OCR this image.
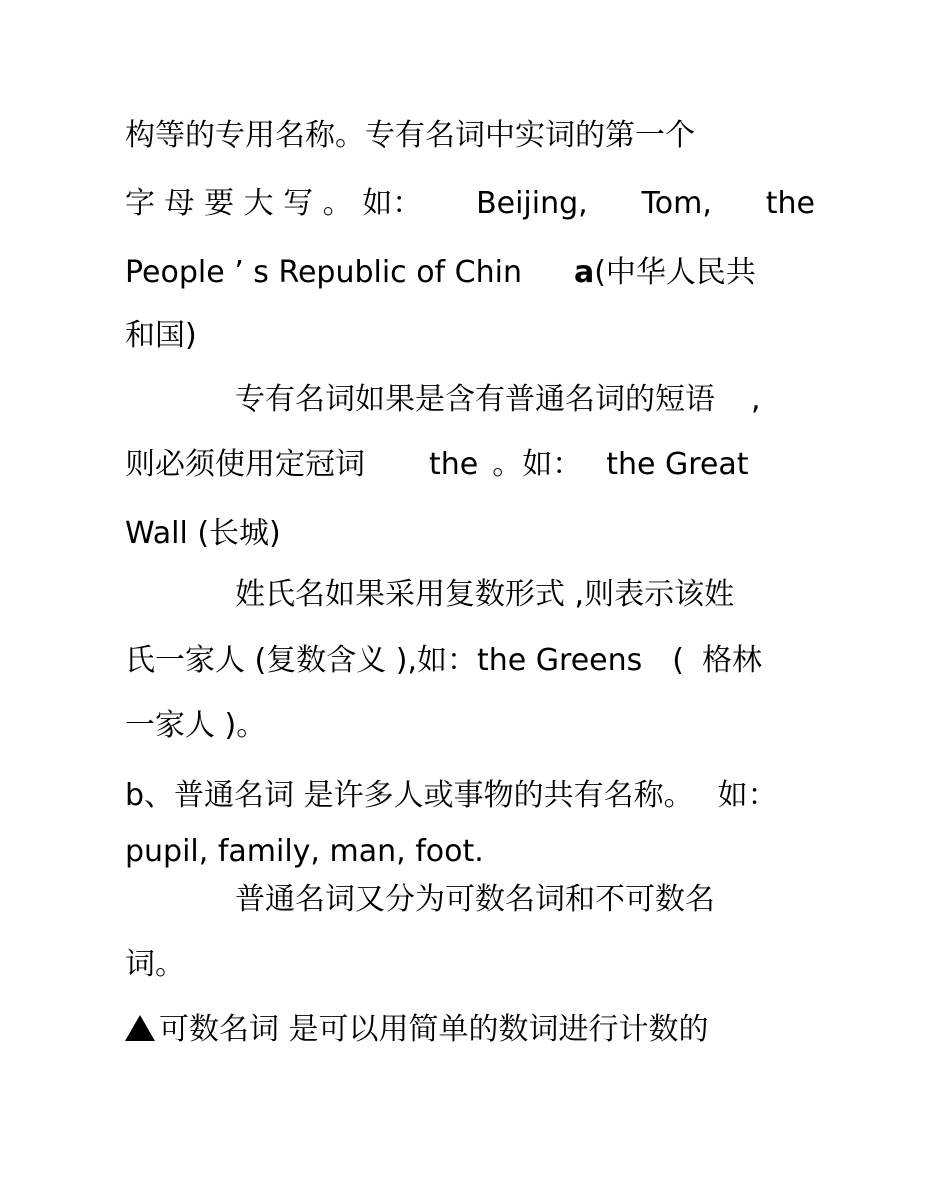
构等的专用名称。专有名词中实词的第一个
字 母 要 大 写 。 如： Beijing, Tom, the
People ’ s Republic of Chin a(中华人民共
和国)
专有名词如果是含有普通名词的短语 ,
则必须使用定冠词 the 。如： the Great
Wall (长城)
姓氏名如果采用复数形式 ,则表示该姓
氏一家人 (复数含义 ),如：the Greens ( 格林
一家人 )。
b、普通名词 是许多人或事物的共有名称。 如：
pupil, family, man, foot.
普通名词又分为可数名词和不可数名
词。
可数名词 是可以用简单的数词进行计数的
